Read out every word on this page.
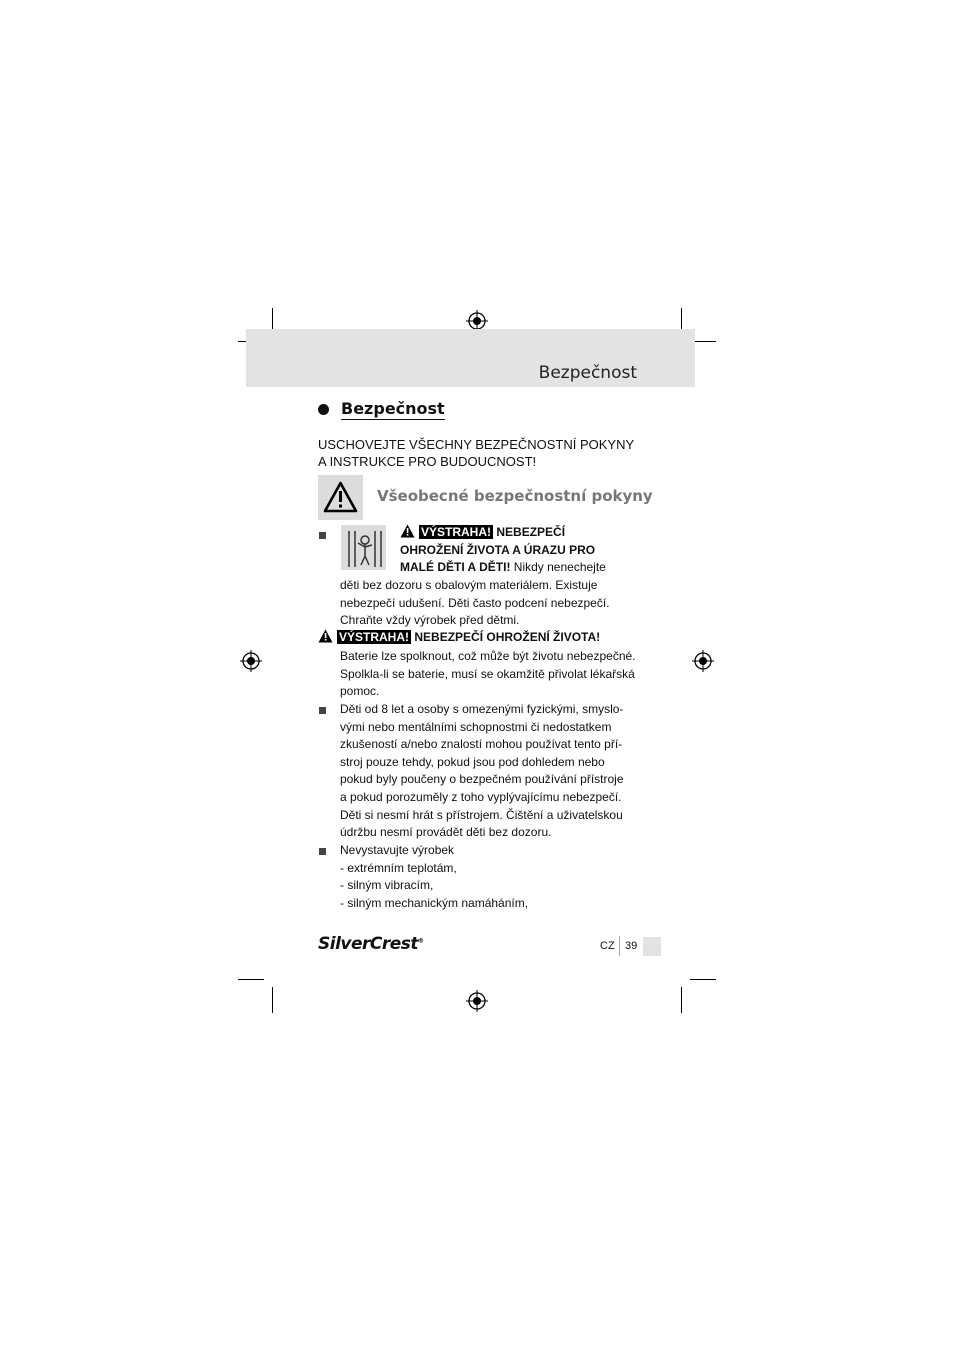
Bezpečnost
Bezpečnost
USCHOVEJTE VŠECHNY BEZPEČNOSTNÍ POKYNY
A INSTRUKCE PRO BUDOUCNOST!
Všeobecné bezpečnostní pokyny
VÝSTRAHA! NEBEZPEČÍ
OHROŽENÍ ŽIVOTA A ÚRAZU PRO
MALÉ DĚTI A DĚTI! Nikdy nenechejte
děti bez dozoru s obalovým materiálem. Existuje
nebezpečí udušení. Děti často podcení nebezpečí.
Chraňte vždy výrobek před dětmi.
VÝSTRAHA! NEBEZPEČÍ OHROŽENÍ ŽIVOTA!
Baterie lze spolknout, což může být životu nebezpečné.
Spolkla-li se baterie, musí se okamžitě přivolat lékařská
pomoc.
Děti od 8 let a osoby s omezenými fyzickými, smyslo-
vými nebo mentálními schopnostmi či nedostatkem
zkušeností a/nebo znalostí mohou používat tento pří-
stroj pouze tehdy, pokud jsou pod dohledem nebo
pokud byly poučeny o bezpečném používání přístroje
a pokud porozuměly z toho vyplývajícímu nebezpečí.
Děti si nesmí hrát s přístrojem. Čištění a uživatelskou
údržbu nesmí provádět děti bez dozoru.
Nevystavujte výrobek
- extrémním teplotám,
- silným vibracím,
- silným mechanickým namáháním,
SilverCrest®	CZ 39
